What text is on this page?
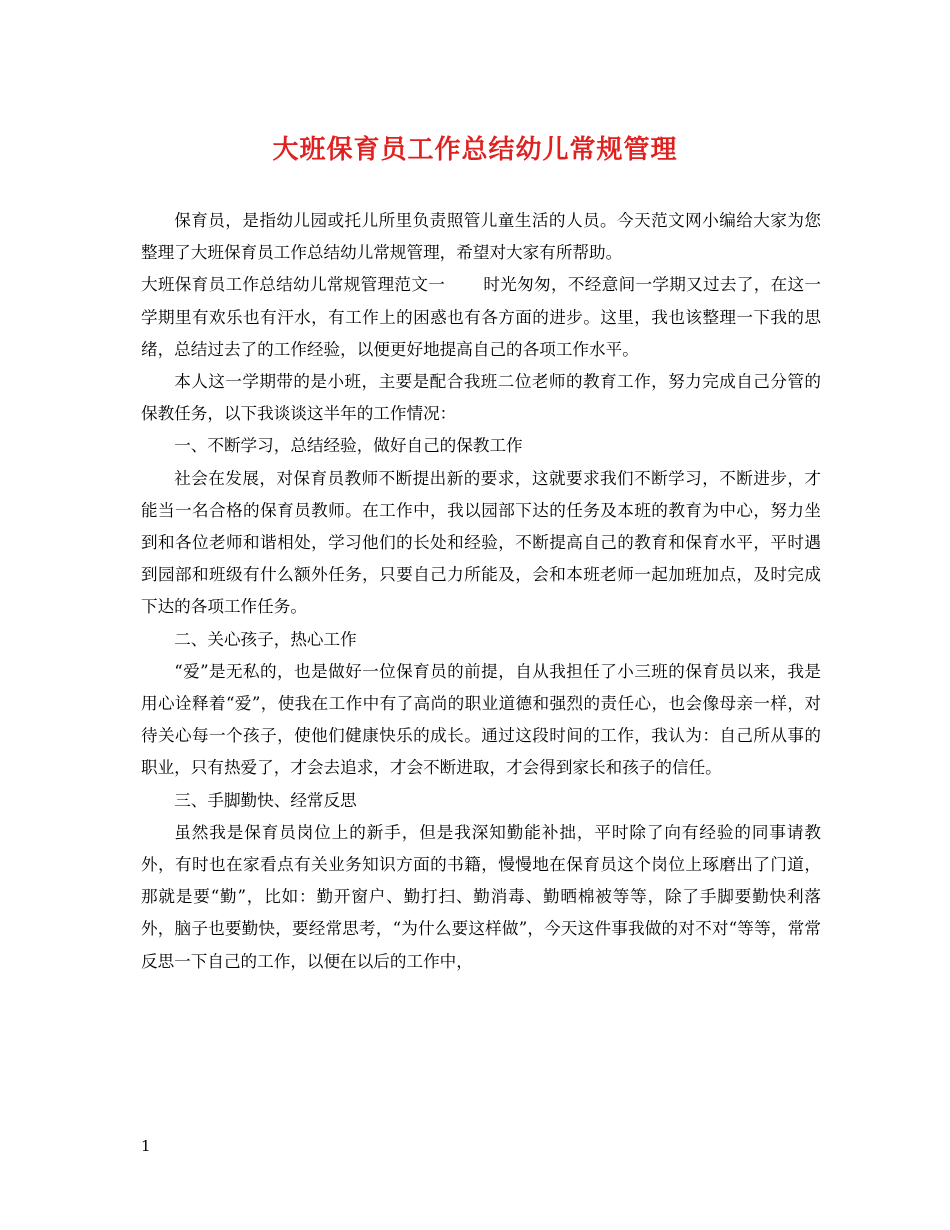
大班保育员工作总结幼儿常规管理

保育员，是指幼儿园或托儿所里负责照管儿童生活的人员。今天范文网小编给大家为您整理了大班保育员工作总结幼儿常规管理，希望对大家有所帮助。

大班保育员工作总结幼儿常规管理范文一 时光匆匆，不经意间一学期又过去了，在这一学期里有欢乐也有汗水，有工作上的困惑也有各方面的进步。这里，我也该整理一下我的思绪，总结过去了的工作经验，以便更好地提高自己的各项工作水平。

本人这一学期带的是小班，主要是配合我班二位老师的教育工作，努力完成自己分管的保教任务，以下我谈谈这半年的工作情况：

一、不断学习，总结经验，做好自己的保教工作

社会在发展，对保育员教师不断提出新的要求，这就要求我们不断学习，不断进步，才能当一名合格的保育员教师。在工作中，我以园部下达的任务及本班的教育为中心，努力坐到和各位老师和谐相处，学习他们的长处和经验，不断提高自己的教育和保育水平，平时遇到园部和班级有什么额外任务，只要自己力所能及，会和本班老师一起加班加点，及时完成下达的各项工作任务。

二、关心孩子，热心工作

“爱”是无私的，也是做好一位保育员的前提，自从我担任了小三班的保育员以来，我是用心诠释着“爱”，使我在工作中有了高尚的职业道德和强烈的责任心，也会像母亲一样，对待关心每一个孩子，使他们健康快乐的成长。通过这段时间的工作，我认为：自己所从事的职业，只有热爱了，才会去追求，才会不断进取，才会得到家长和孩子的信任。

三、手脚勤快、经常反思

虽然我是保育员岗位上的新手，但是我深知勤能补拙，平时除了向有经验的同事请教外，有时也在家看点有关业务知识方面的书籍，慢慢地在保育员这个岗位上琢磨出了门道，那就是要“勤”，比如：勤开窗户、勤打扫、勤消毒、勤晒棉被等等，除了手脚要勤快利落外，脑子也要勤快，要经常思考，“为什么要这样做”，今天这件事我做的对不对“等等，常常反思一下自己的工作，以便在以后的工作中，

1
